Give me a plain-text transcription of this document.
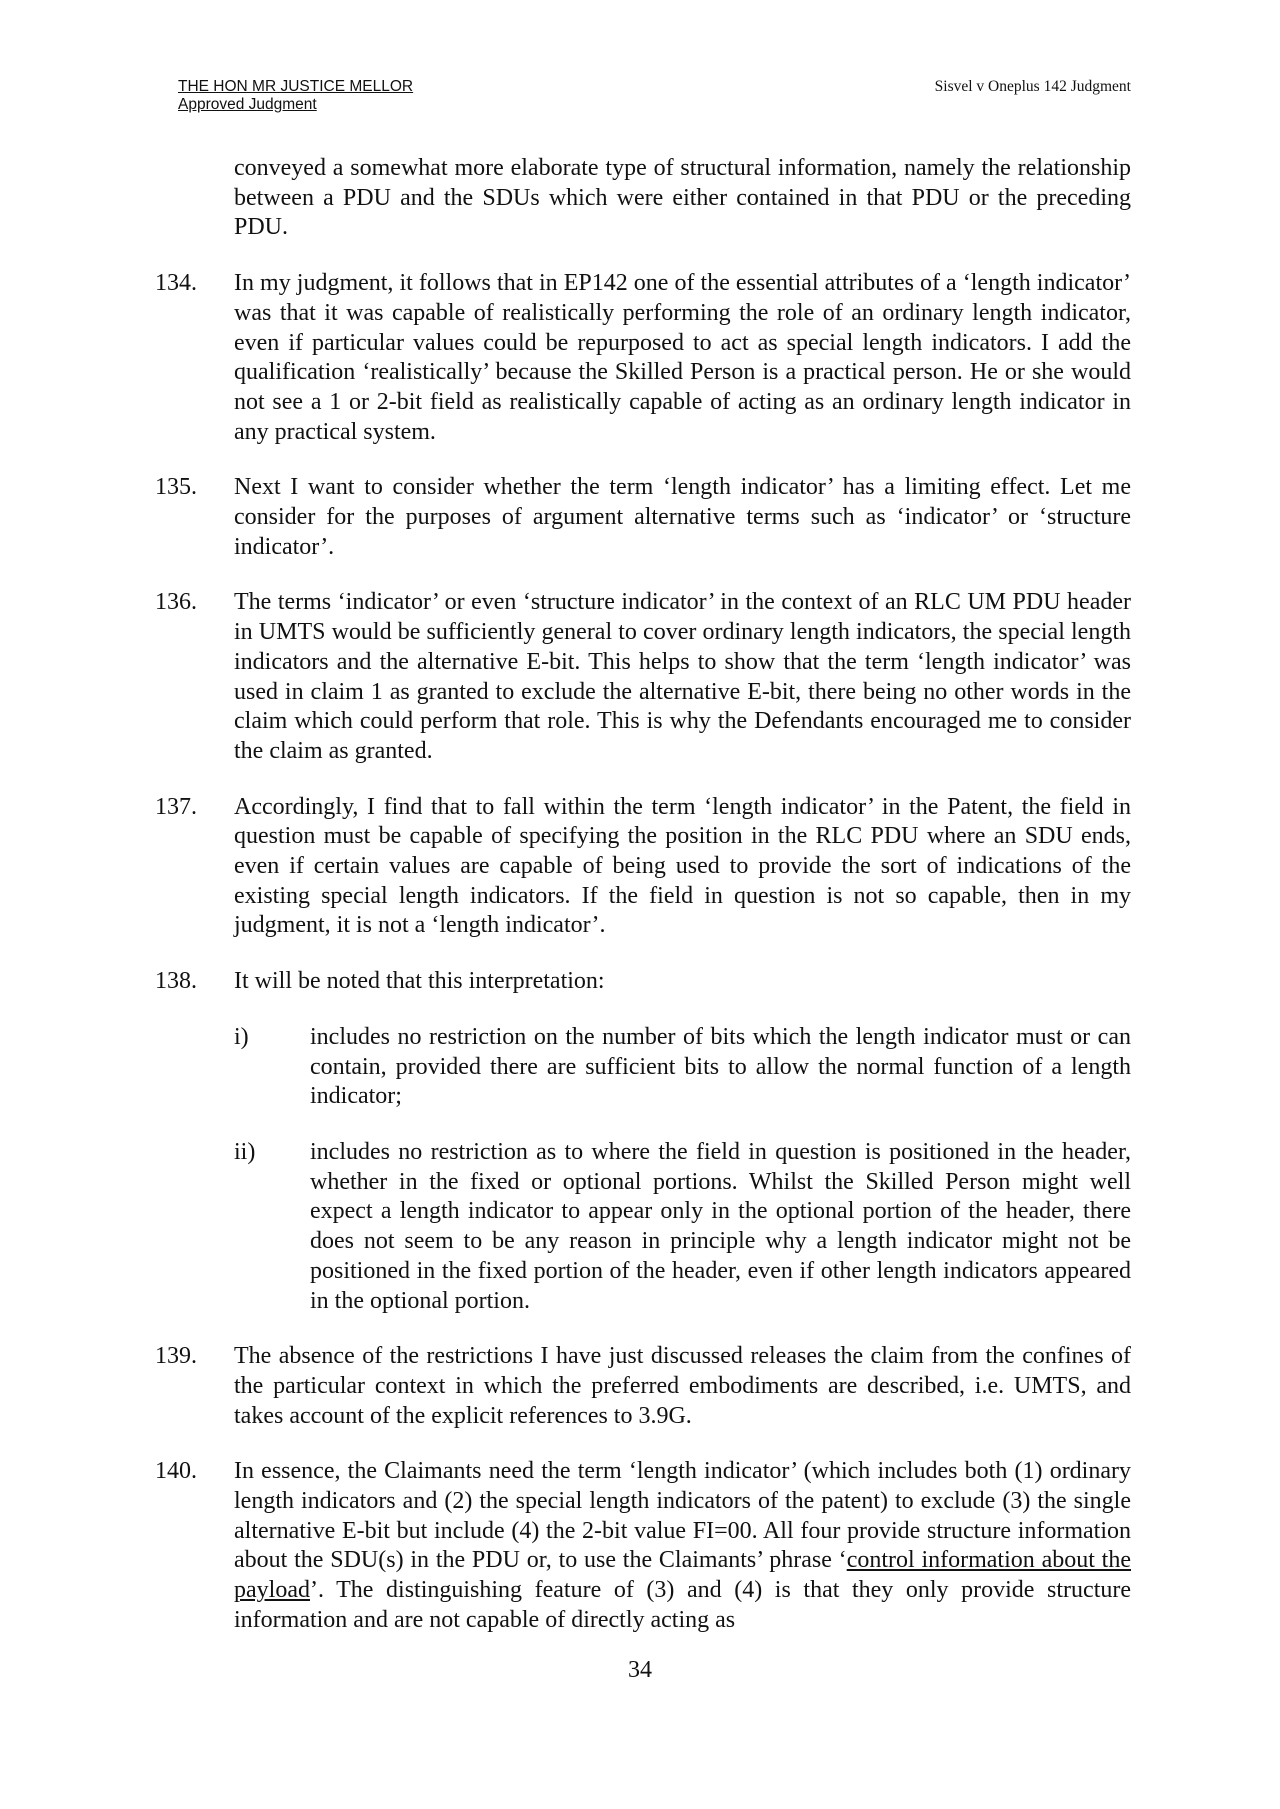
THE HON MR JUSTICE MELLOR
Approved Judgment
Sisvel v Oneplus 142 Judgment
conveyed a somewhat more elaborate type of structural information, namely the relationship between a PDU and the SDUs which were either contained in that PDU or the preceding PDU.
134. In my judgment, it follows that in EP142 one of the essential attributes of a ‘length indicator’ was that it was capable of realistically performing the role of an ordinary length indicator, even if particular values could be repurposed to act as special length indicators. I add the qualification ‘realistically’ because the Skilled Person is a practical person. He or she would not see a 1 or 2-bit field as realistically capable of acting as an ordinary length indicator in any practical system.
135. Next I want to consider whether the term ‘length indicator’ has a limiting effect. Let me consider for the purposes of argument alternative terms such as ‘indicator’ or ‘structure indicator’.
136. The terms ‘indicator’ or even ‘structure indicator’ in the context of an RLC UM PDU header in UMTS would be sufficiently general to cover ordinary length indicators, the special length indicators and the alternative E-bit. This helps to show that the term ‘length indicator’ was used in claim 1 as granted to exclude the alternative E-bit, there being no other words in the claim which could perform that role. This is why the Defendants encouraged me to consider the claim as granted.
137. Accordingly, I find that to fall within the term ‘length indicator’ in the Patent, the field in question must be capable of specifying the position in the RLC PDU where an SDU ends, even if certain values are capable of being used to provide the sort of indications of the existing special length indicators. If the field in question is not so capable, then in my judgment, it is not a ‘length indicator’.
138. It will be noted that this interpretation:
i)	includes no restriction on the number of bits which the length indicator must or can contain, provided there are sufficient bits to allow the normal function of a length indicator;
ii) includes no restriction as to where the field in question is positioned in the header, whether in the fixed or optional portions. Whilst the Skilled Person might well expect a length indicator to appear only in the optional portion of the header, there does not seem to be any reason in principle why a length indicator might not be positioned in the fixed portion of the header, even if other length indicators appeared in the optional portion.
139. The absence of the restrictions I have just discussed releases the claim from the confines of the particular context in which the preferred embodiments are described, i.e. UMTS, and takes account of the explicit references to 3.9G.
140. In essence, the Claimants need the term ‘length indicator’ (which includes both (1) ordinary length indicators and (2) the special length indicators of the patent) to exclude (3) the single alternative E-bit but include (4) the 2-bit value FI=00. All four provide structure information about the SDU(s) in the PDU or, to use the Claimants’ phrase ‘control information about the payload’. The distinguishing feature of (3) and (4) is that they only provide structure information and are not capable of directly acting as
34
